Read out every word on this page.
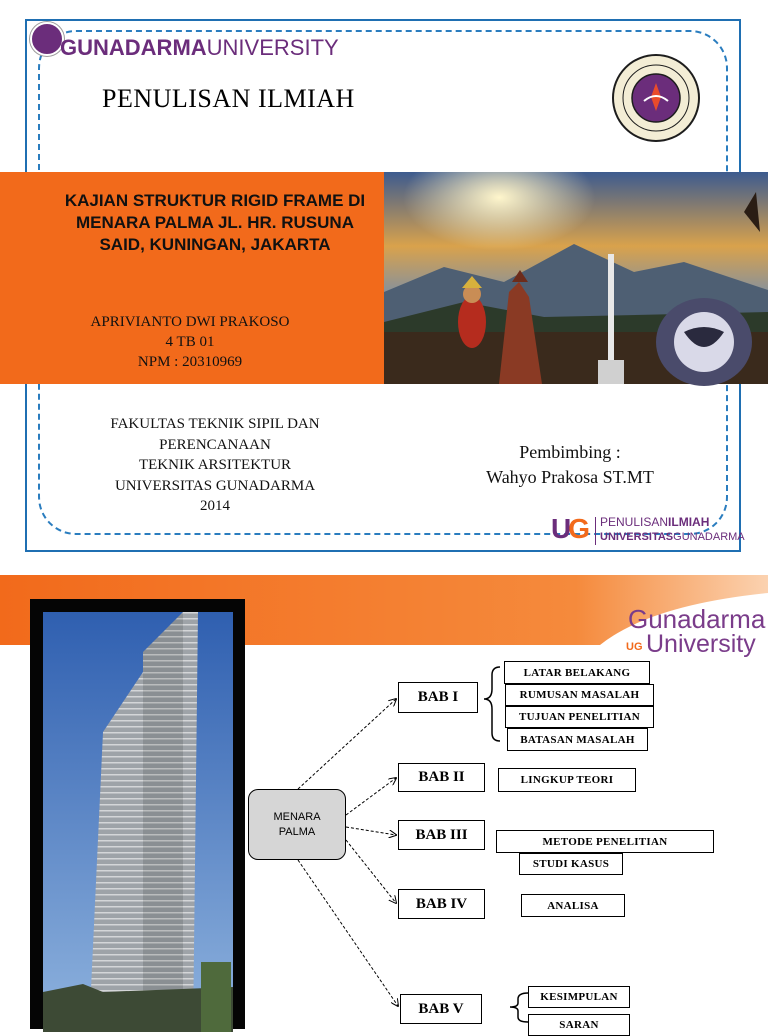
GUNADARMAUNIVERSITY
PENULISAN ILMIAH
KAJIAN STRUKTUR RIGID FRAME DI MENARA PALMA JL. HR. RUSUNA SAID, KUNINGAN, JAKARTA
APRIVIANTO DWI PRAKOSO
4 TB 01
NPM : 20310969
FAKULTAS TEKNIK SIPIL DAN
PERENCANAAN
TEKNIK ARSITEKTUR
UNIVERSITAS GUNADARMA
2014
Pembimbing :
Wahyo Prakosa ST.MT
UG PENULISANILMIAH
UNIVERSITASGUNADARMA
Gunadarma
UG University
MENARA
PALMA
BAB I
LATAR BELAKANG
RUMUSAN MASALAH
TUJUAN PENELITIAN
BATASAN MASALAH
BAB II	LINGKUP TEORI
BAB III	METODE PENELITIAN
STUDI KASUS
BAB IV	ANALISA
BAB V
KESIMPULAN
SARAN
